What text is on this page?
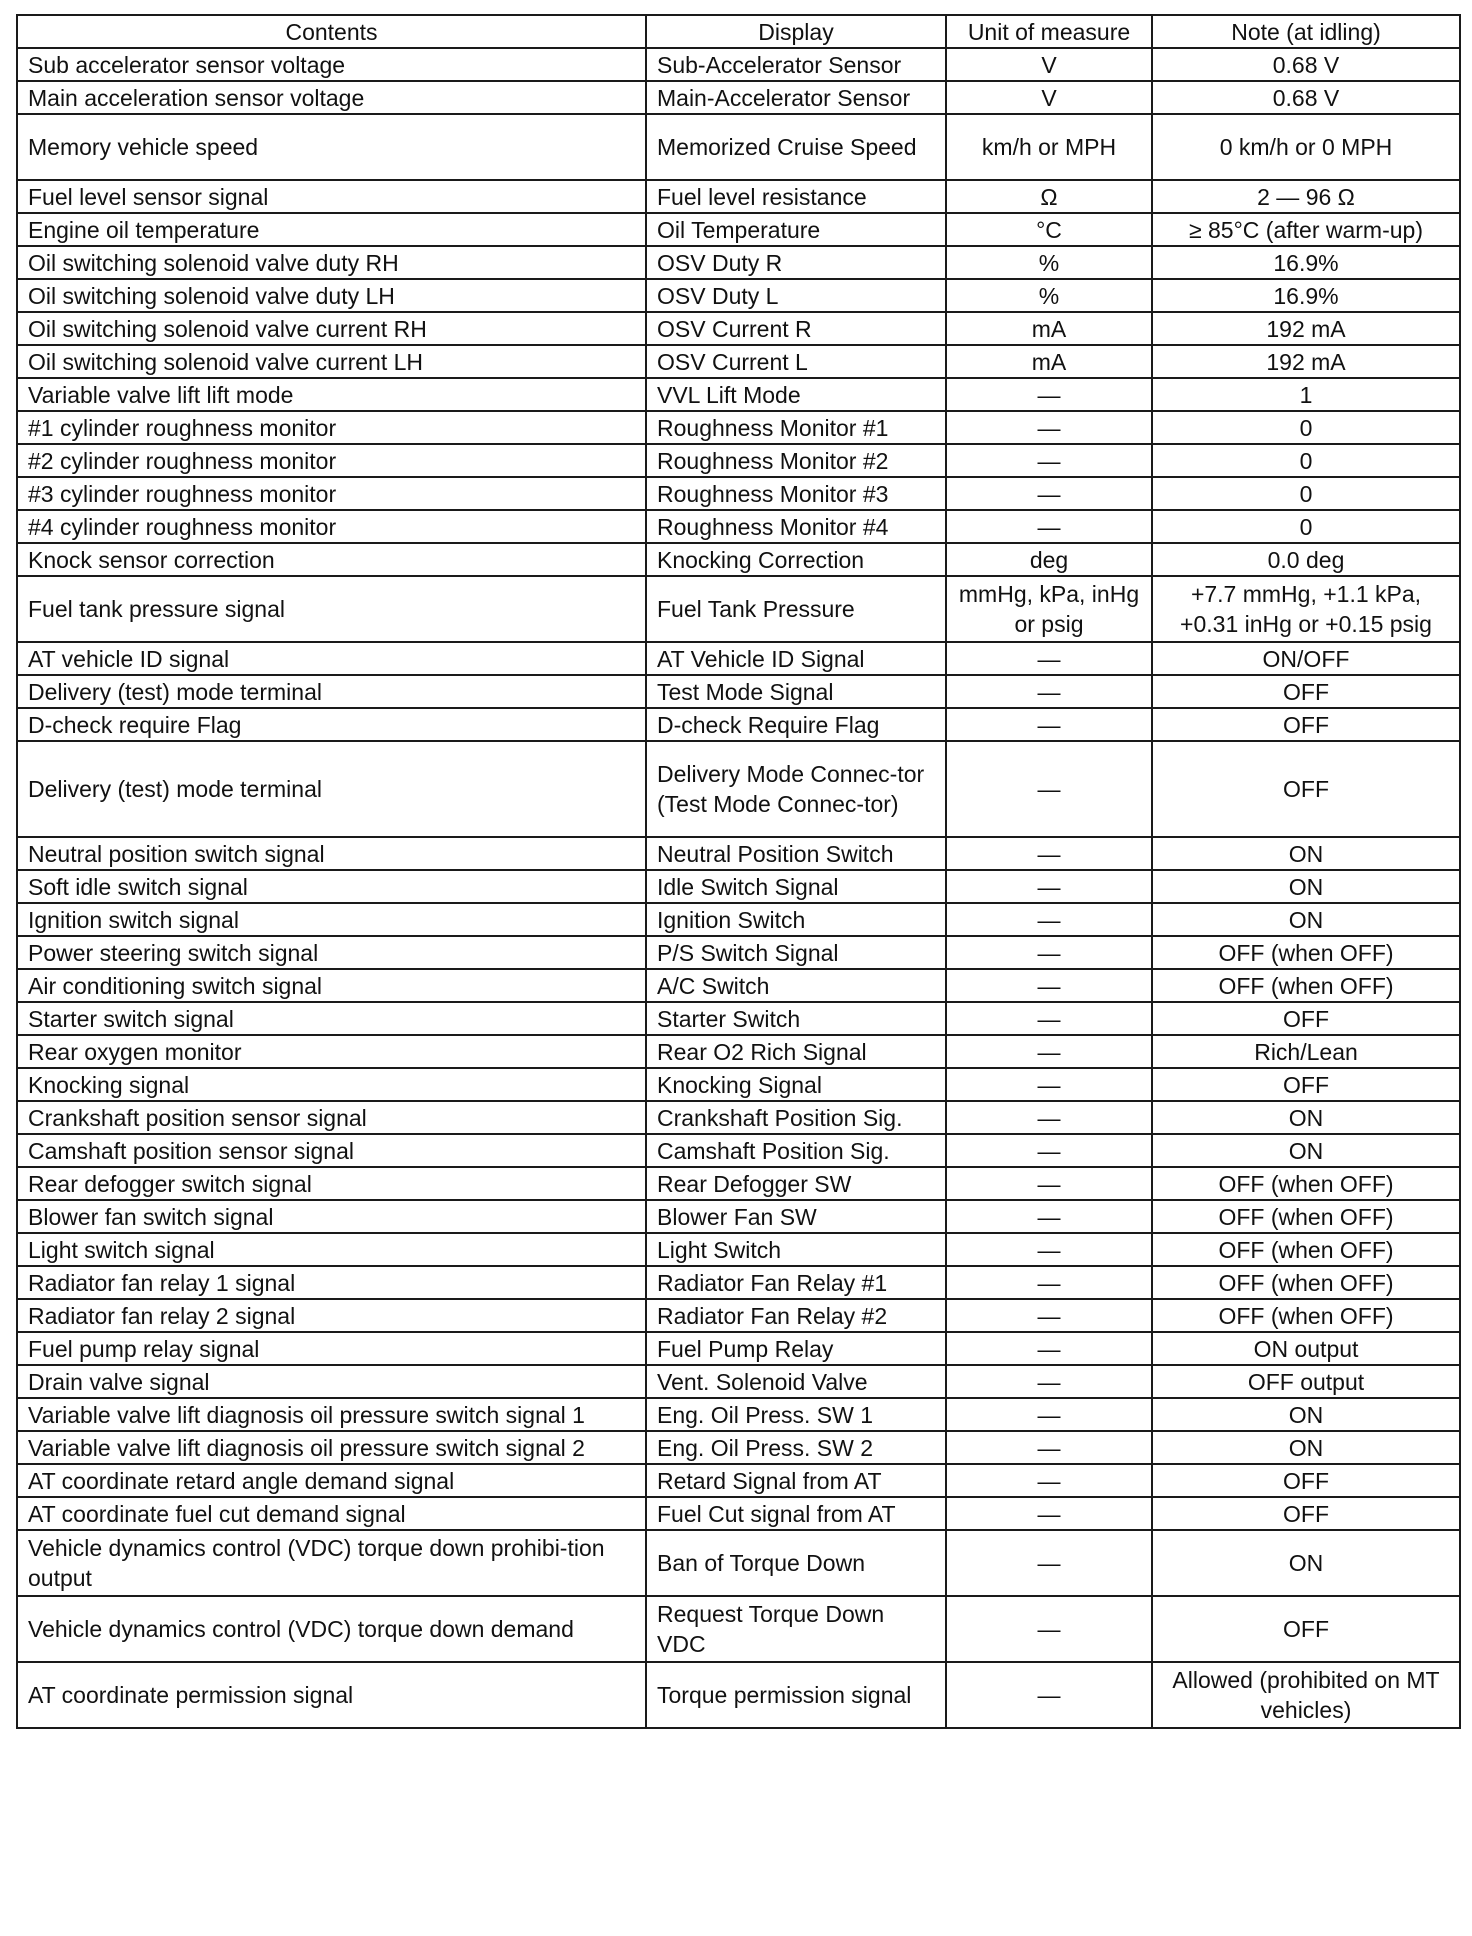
Contents	Display	Unit of measure	Note (at idling)
Sub accelerator sensor voltage	Sub-Accelerator Sensor	V	0.68 V
Main acceleration sensor voltage	Main-Accelerator Sensor	V	0.68 V
Memory vehicle speed	Memorized Cruise Speed	km/h or MPH	0 km/h or 0 MPH
Fuel level sensor signal	Fuel level resistance	Ω	2 — 96 Ω
Engine oil temperature	Oil Temperature	°C	≥ 85°C (after warm-up)
Oil switching solenoid valve duty RH	OSV Duty R	%	16.9%
Oil switching solenoid valve duty LH	OSV Duty L	%	16.9%
Oil switching solenoid valve current RH	OSV Current R	mA	192 mA
Oil switching solenoid valve current LH	OSV Current L	mA	192 mA
Variable valve lift lift mode	VVL Lift Mode	—	1
#1 cylinder roughness monitor	Roughness Monitor #1	—	0
#2 cylinder roughness monitor	Roughness Monitor #2	—	0
#3 cylinder roughness monitor	Roughness Monitor #3	—	0
#4 cylinder roughness monitor	Roughness Monitor #4	—	0
Knock sensor correction	Knocking Correction	deg	0.0 deg
Fuel tank pressure signal	Fuel Tank Pressure	mmHg, kPa, inHg or psig	+7.7 mmHg, +1.1 kPa, +0.31 inHg or +0.15 psig
AT vehicle ID signal	AT Vehicle ID Signal	—	ON/OFF
Delivery (test) mode terminal	Test Mode Signal	—	OFF
D-check require Flag	D-check Require Flag	—	OFF
Delivery (test) mode terminal	Delivery Mode Connec-tor (Test Mode Connec-tor)	—	OFF
Neutral position switch signal	Neutral Position Switch	—	ON
Soft idle switch signal	Idle Switch Signal	—	ON
Ignition switch signal	Ignition Switch	—	ON
Power steering switch signal	P/S Switch Signal	—	OFF (when OFF)
Air conditioning switch signal	A/C Switch	—	OFF (when OFF)
Starter switch signal	Starter Switch	—	OFF
Rear oxygen monitor	Rear O2 Rich Signal	—	Rich/Lean
Knocking signal	Knocking Signal	—	OFF
Crankshaft position sensor signal	Crankshaft Position Sig.	—	ON
Camshaft position sensor signal	Camshaft Position Sig.	—	ON
Rear defogger switch signal	Rear Defogger SW	—	OFF (when OFF)
Blower fan switch signal	Blower Fan SW	—	OFF (when OFF)
Light switch signal	Light Switch	—	OFF (when OFF)
Radiator fan relay 1 signal	Radiator Fan Relay #1	—	OFF (when OFF)
Radiator fan relay 2 signal	Radiator Fan Relay #2	—	OFF (when OFF)
Fuel pump relay signal	Fuel Pump Relay	—	ON output
Drain valve signal	Vent. Solenoid Valve	—	OFF output
Variable valve lift diagnosis oil pressure switch signal 1	Eng. Oil Press. SW 1	—	ON
Variable valve lift diagnosis oil pressure switch signal 2	Eng. Oil Press. SW 2	—	ON
AT coordinate retard angle demand signal	Retard Signal from AT	—	OFF
AT coordinate fuel cut demand signal	Fuel Cut signal from AT	—	OFF
Vehicle dynamics control (VDC) torque down prohibi-tion output	Ban of Torque Down	—	ON
Vehicle dynamics control (VDC) torque down demand	Request Torque Down VDC	—	OFF
AT coordinate permission signal	Torque permission signal	—	Allowed (prohibited on MT vehicles)
